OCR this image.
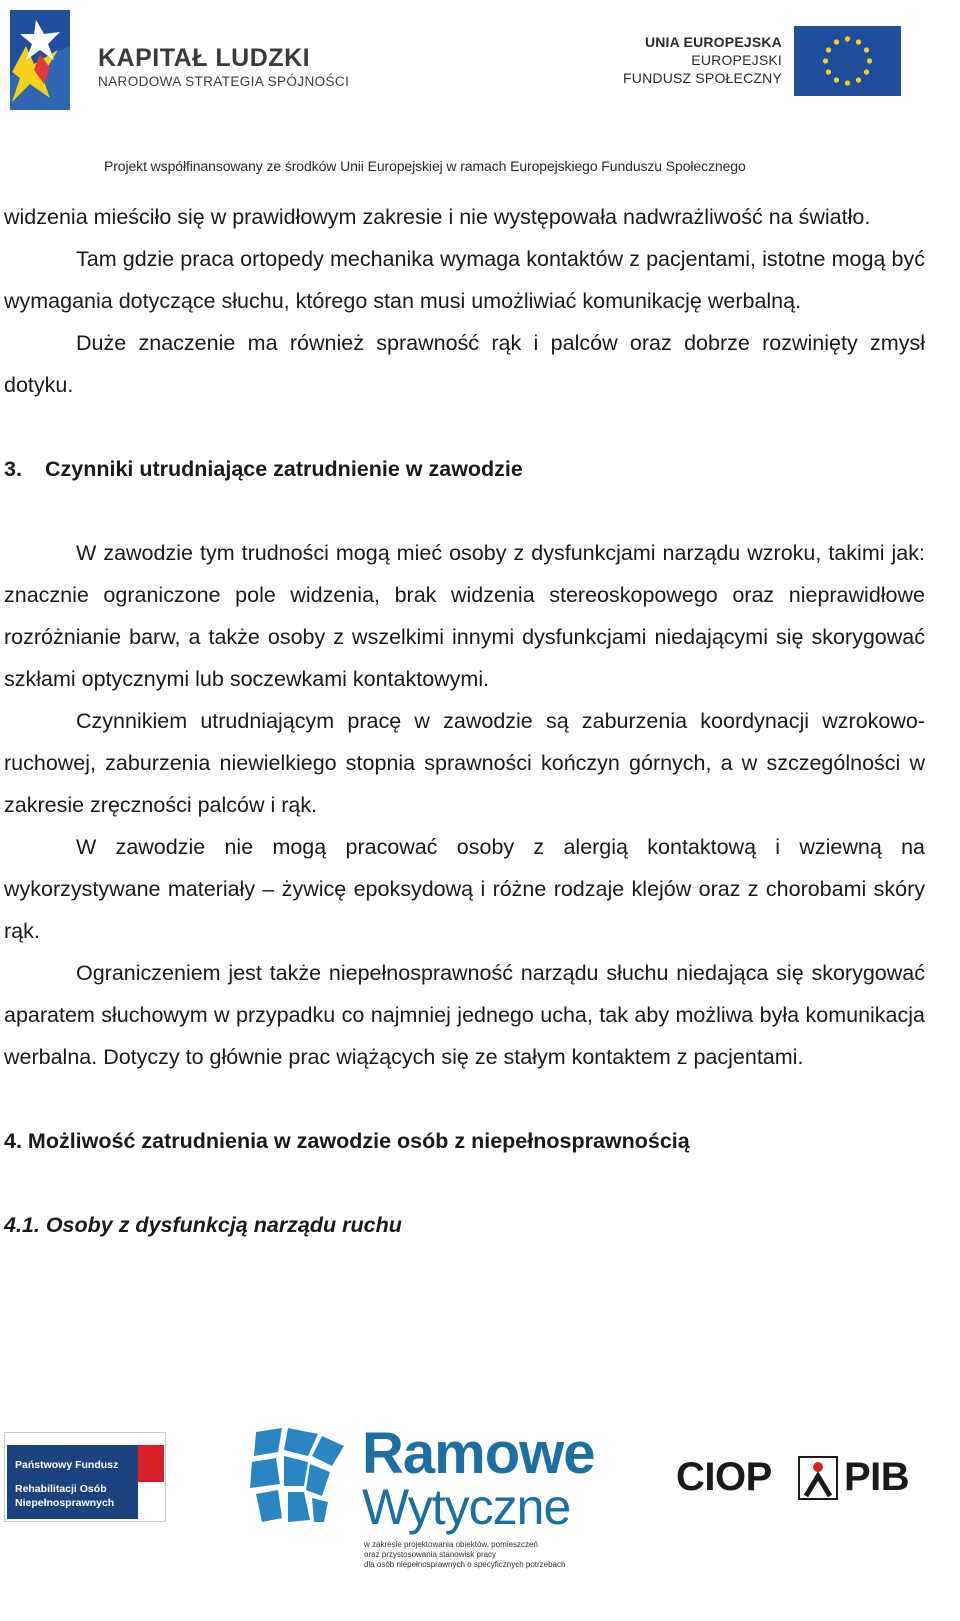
KAPITAŁ LUDZKI
NARODOWA STRATEGIA SPÓJNOŚCI
UNIA EUROPEJSKA
EUROPEJSKI
FUNDUSZ SPOŁECZNY
Projekt współfinansowany ze środków Unii Europejskiej w ramach Europejskiego Funduszu Społecznego

widzenia mieściło się w prawidłowym zakresie i nie występowała nadwrażliwość na światło.

Tam gdzie praca ortopedy mechanika wymaga kontaktów z pacjentami, istotne mogą być wymagania dotyczące słuchu, którego stan musi umożliwiać komunikację werbalną.

Duże znaczenie ma również sprawność rąk i palców oraz dobrze rozwinięty zmysł dotyku.

3. Czynniki utrudniające zatrudnienie w zawodzie

W zawodzie tym trudności mogą mieć osoby z dysfunkcjami narządu wzroku, takimi jak: znacznie ograniczone pole widzenia, brak widzenia stereoskopowego oraz nieprawidłowe rozróżnianie barw, a także osoby z wszelkimi innymi dysfunkcjami niedającymi się skorygować szkłami optycznymi lub soczewkami kontaktowymi.

Czynnikiem utrudniającym pracę w zawodzie są zaburzenia koordynacji wzrokowo-ruchowej, zaburzenia niewielkiego stopnia sprawności kończyn górnych, a w szczególności w zakresie zręczności palców i rąk.

W zawodzie nie mogą pracować osoby z alergią kontaktową i wziewną na wykorzystywane materiały – żywicę epoksydową i różne rodzaje klejów oraz z chorobami skóry rąk.

Ograniczeniem jest także niepełnosprawność narządu słuchu niedająca się skorygować aparatem słuchowym w przypadku co najmniej jednego ucha, tak aby możliwa była komunikacja werbalna. Dotyczy to głównie prac wiążących się ze stałym kontaktem z pacjentami.

4. Możliwość zatrudnienia w zawodzie osób z niepełnosprawnością
4.1. Osoby z dysfunkcją narządu ruchu
Państwowy Fundusz
Rehabilitacji Osób
Niepełnosprawnych
Ramowe
Wytyczne
w zakresie projektowania obiektów, pomieszczeń
oraz przystosowania stanowisk pracy
dla osób niepełnosprawnych o specyficznych potrzebach
CIOP PIB
